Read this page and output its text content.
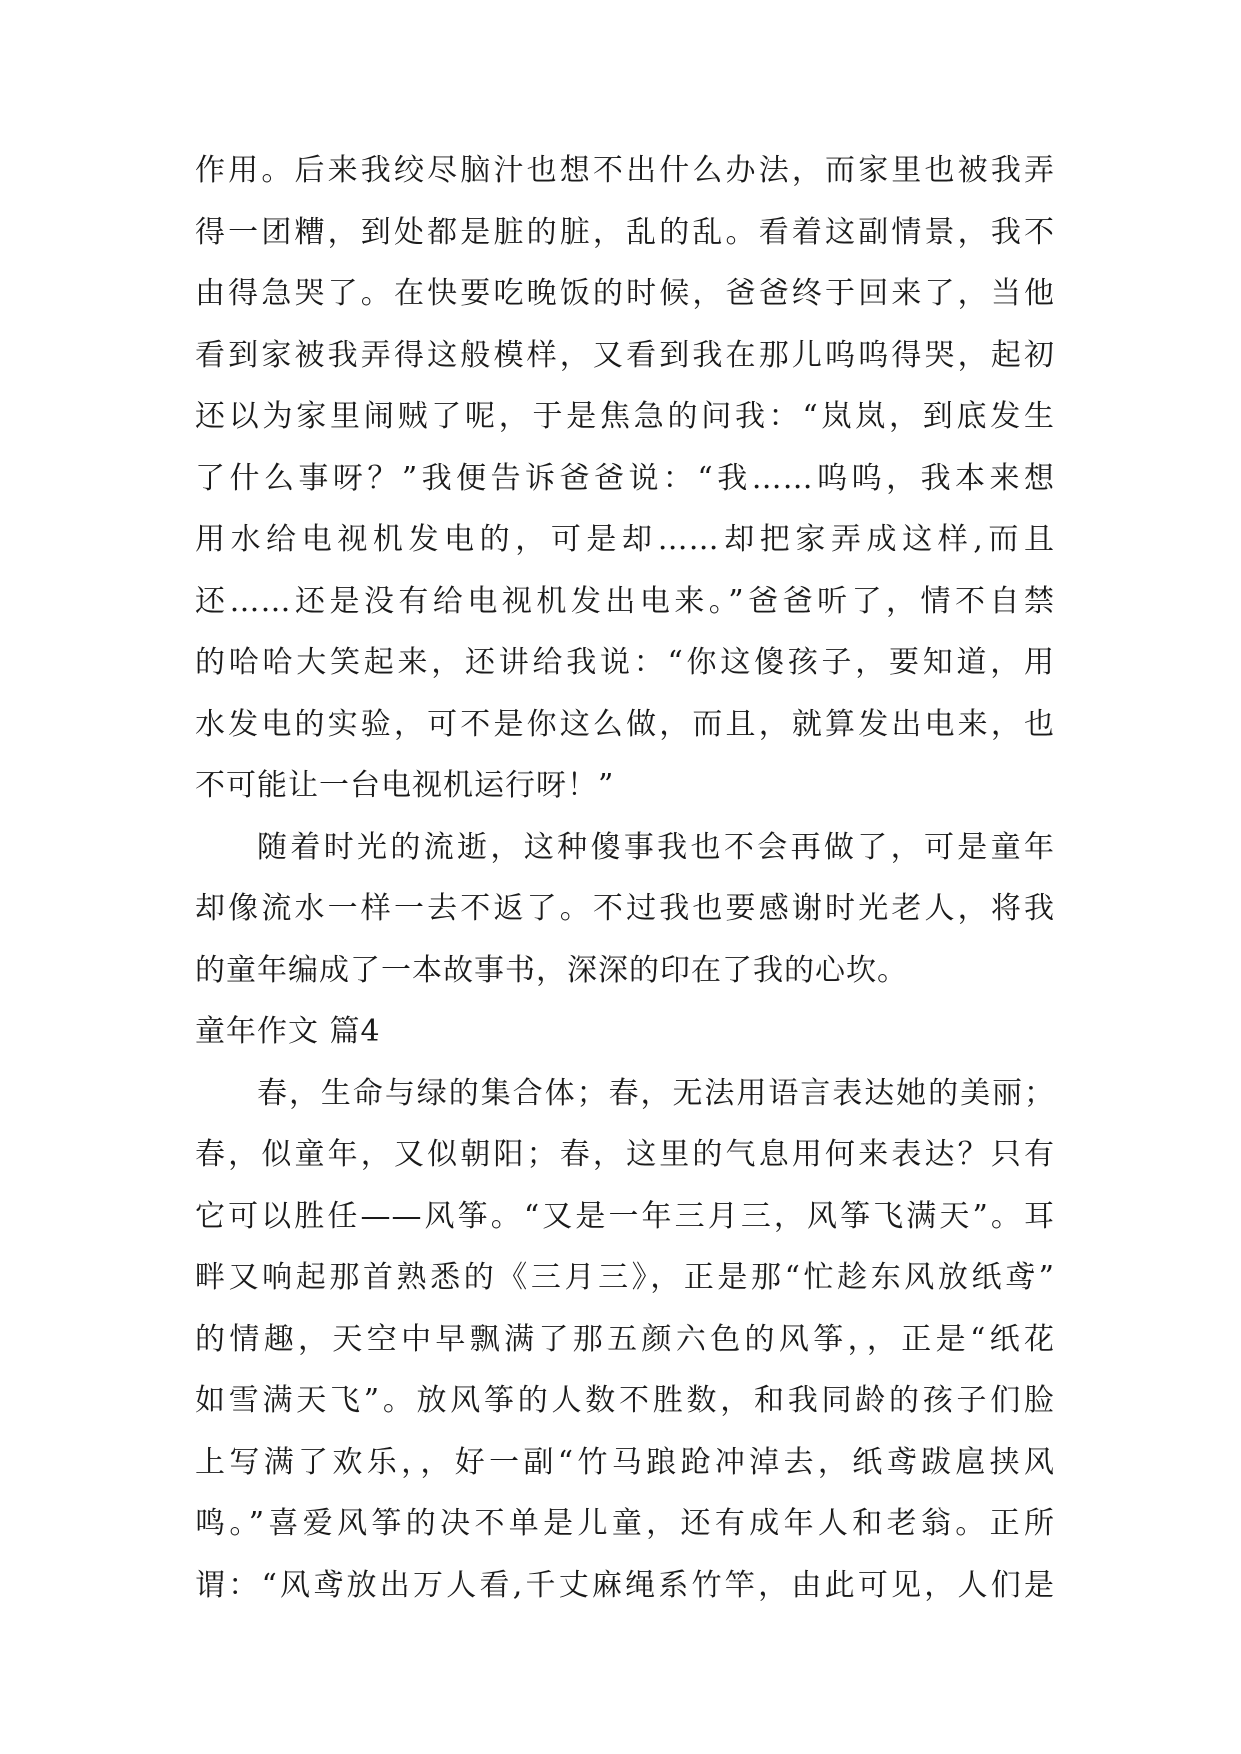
作用。后来我绞尽脑汁也想不出什么办法，而家里也被我弄
得一团糟，到处都是脏的脏，乱的乱。看着这副情景，我不
由得急哭了。在快要吃晚饭的时候，爸爸终于回来了，当他
看到家被我弄得这般模样，又看到我在那儿呜呜得哭，起初
还以为家里闹贼了呢，于是焦急的问我：“岚岚，到底发生
了什么事呀？”我便告诉爸爸说：“我……呜呜，我本来想
用水给电视机发电的，可是却……却把家弄成这样,而且
还……还是没有给电视机发出电来。”爸爸听了，情不自禁
的哈哈大笑起来，还讲给我说：“你这傻孩子，要知道，用
水发电的实验，可不是你这么做，而且，就算发出电来，也
不可能让一台电视机运行呀！”
随着时光的流逝，这种傻事我也不会再做了，可是童年
却像流水一样一去不返了。不过我也要感谢时光老人，将我
的童年编成了一本故事书，深深的印在了我的心坎。
童年作文 篇4
春，生命与绿的集合体；春，无法用语言表达她的美丽；
春，似童年，又似朝阳；春，这里的气息用何来表达？只有
它可以胜任——风筝。“又是一年三月三，风筝飞满天”。耳
畔又响起那首熟悉的《三月三》，正是那“忙趁东风放纸鸢”
的情趣，天空中早飘满了那五颜六色的风筝，，正是“纸花
如雪满天飞”。放风筝的人数不胜数，和我同龄的孩子们脸
上写满了欢乐，，好一副“竹马踉跄冲淖去，纸鸢跋扈挟风
鸣。”喜爱风筝的决不单是儿童，还有成年人和老翁。正所
谓：“风鸢放出万人看,千丈麻绳系竹竿，由此可见，人们是
